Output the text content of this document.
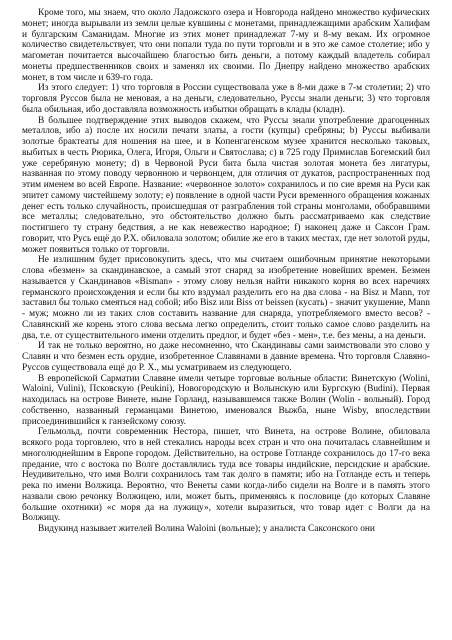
Кроме того, мы знаем, что около Ладожского озера и Новгорода найдено множество куфических монет; иногда вырывали из земли целые кувшины с монетами, принадлежащими арабским Халифам и булгарским Саманидам. Многие из этих монет принадлежат 7-му и 8-му векам. Их огромное количество свидетельствует, что они попали туда по пути торговли и в это же самое столетие; ибо у магометан почитается высочайшею благостью бить деньги, а потому каждый владетель собирал монеты предшественников своих и заменял их своими. По Днепру найдено множество арабских монет, в том числе и 639-го года.

Из этого следует: 1) что торговля в России существовала уже в 8-ми даже в 7-м столетии; 2) что торговля Руссов была не меновая, а на деньги, следовательно, Руссы знали деньги; 3) что торговля была обильная, ибо доставляла возможность избытки обращать в клады (кладн).

В большее подтверждение этих выводов скажем, что Руссы знали употребление драгоценных металлов, ибо а) после их носили печати златы, а гости (купцы) сребряны; b) Руссы выбивали золотые брактеаты для ношения на шее, и в Копенгагенском музее хранится несколько таковых, выбитых в честь Рюрика, Олега, Игоря, Ольги и Святослава; c) в 725 году Примислав Богемский бил уже серебряную монету; d) в Червоной Руси бита была чистая золотая монета без лигатуры, названная по этому поводу червонною и червонцем, для отличия от дукатов, распространенных под этим именем во всей Европе. Название: «червонное золото» сохранилось и по сие время на Руси как эпитет самому чистейшему золоту; e) появление в одной части Руси временного обращения кожаных денег есть только случайность, происшедшая от разграбления той страны монголами, обобравшими все металлы; следовательно, это обстоятельство должно быть рассматриваемо как следствие постигшего ту страну бедствия, а не как невежество народное; f) наконец даже и Саксон Грам. говорит, что Русь ещё до Р.Х. обиловала золотом; обилие же его в таких местах, где нет золотой руды, может появиться только от торговли.

Не излишним будет присовокупить здесь, что мы считаем ошибочным принятие некоторыми слова «безмен» за скандинавское, а самый этот снаряд за изобретение новейших времен. Безмен называется у Скандинавов «Bisman» - этому слову нельзя найти никакого корня во всех наречиях германского происхождения и если бы кто вздумал разделить его на два слова - на Bisz и Mann, тот заставил бы только смеяться над собой; ибо Bisz или Biss от beissen (кусать) - значит укушение, Mann - муж; можно ли из таких слов составить название для снаряда, употребляемого вместо весов? - Славянский же корень этого слова весьма легко определить, стоит только самое слово разделить на два, т.е. от существительного имени отделить предлог, и будет «без - мен», т.е. без мены, а на деньги.

И так не только вероятно, но даже несомненно, что Скандинавы сами заимствовали это слово у Славян и что безмен есть орудие, изобретенное Славянами в давние времена. Что торговля Славяно-Руссов существовала ещё до Р. Х., мы усматриваем из следующего.

В европейской Сарматии Славяне имели четыре торговые вольные области: Винетскую (Wolini, Waloini, Vulini), Псковскую (Peukini), Новогородскую и Волынскую или Бургскую (Budini). Первая находилась на острове Винете, ныне Горланд, называвшемся также Волин (Wolin - вольный). Город собственно, названный германцами Винетою, именовался Выжба, ныне Wisby, впоследствии присоединившийся к ганзейскому союзу.

Гельмольд, почти современник Нестора, пишет, что Винета, на острове Волине, обиловала всякого рода торговлею, что в ней стекались народы всех стран и что она почиталась славнейшим и многолюднейшим в Европе городом. Действительно, на острове Готланде сохранилось до 17-го века предание, что с востока по Волге доставлялись туда все товары индийские, персидские и арабские. Неудивительно, что имя Волги сохранилось там так долго в памяти; ибо на Готланде есть и теперь река по имени Волжица. Вероятно, что Венеты сами когда-либо сидели на Волге и в память этого назвали свою речонку Волжицею, или, может быть, применяясь к пословице (до которых Славяне большие охотники) «с моря да на лужицу», хотели выразиться, что товар идет с Волги да на Волжицу.

Видукинд называет жителей Волина Waloini (вольные); у аналиста Саксонского они
